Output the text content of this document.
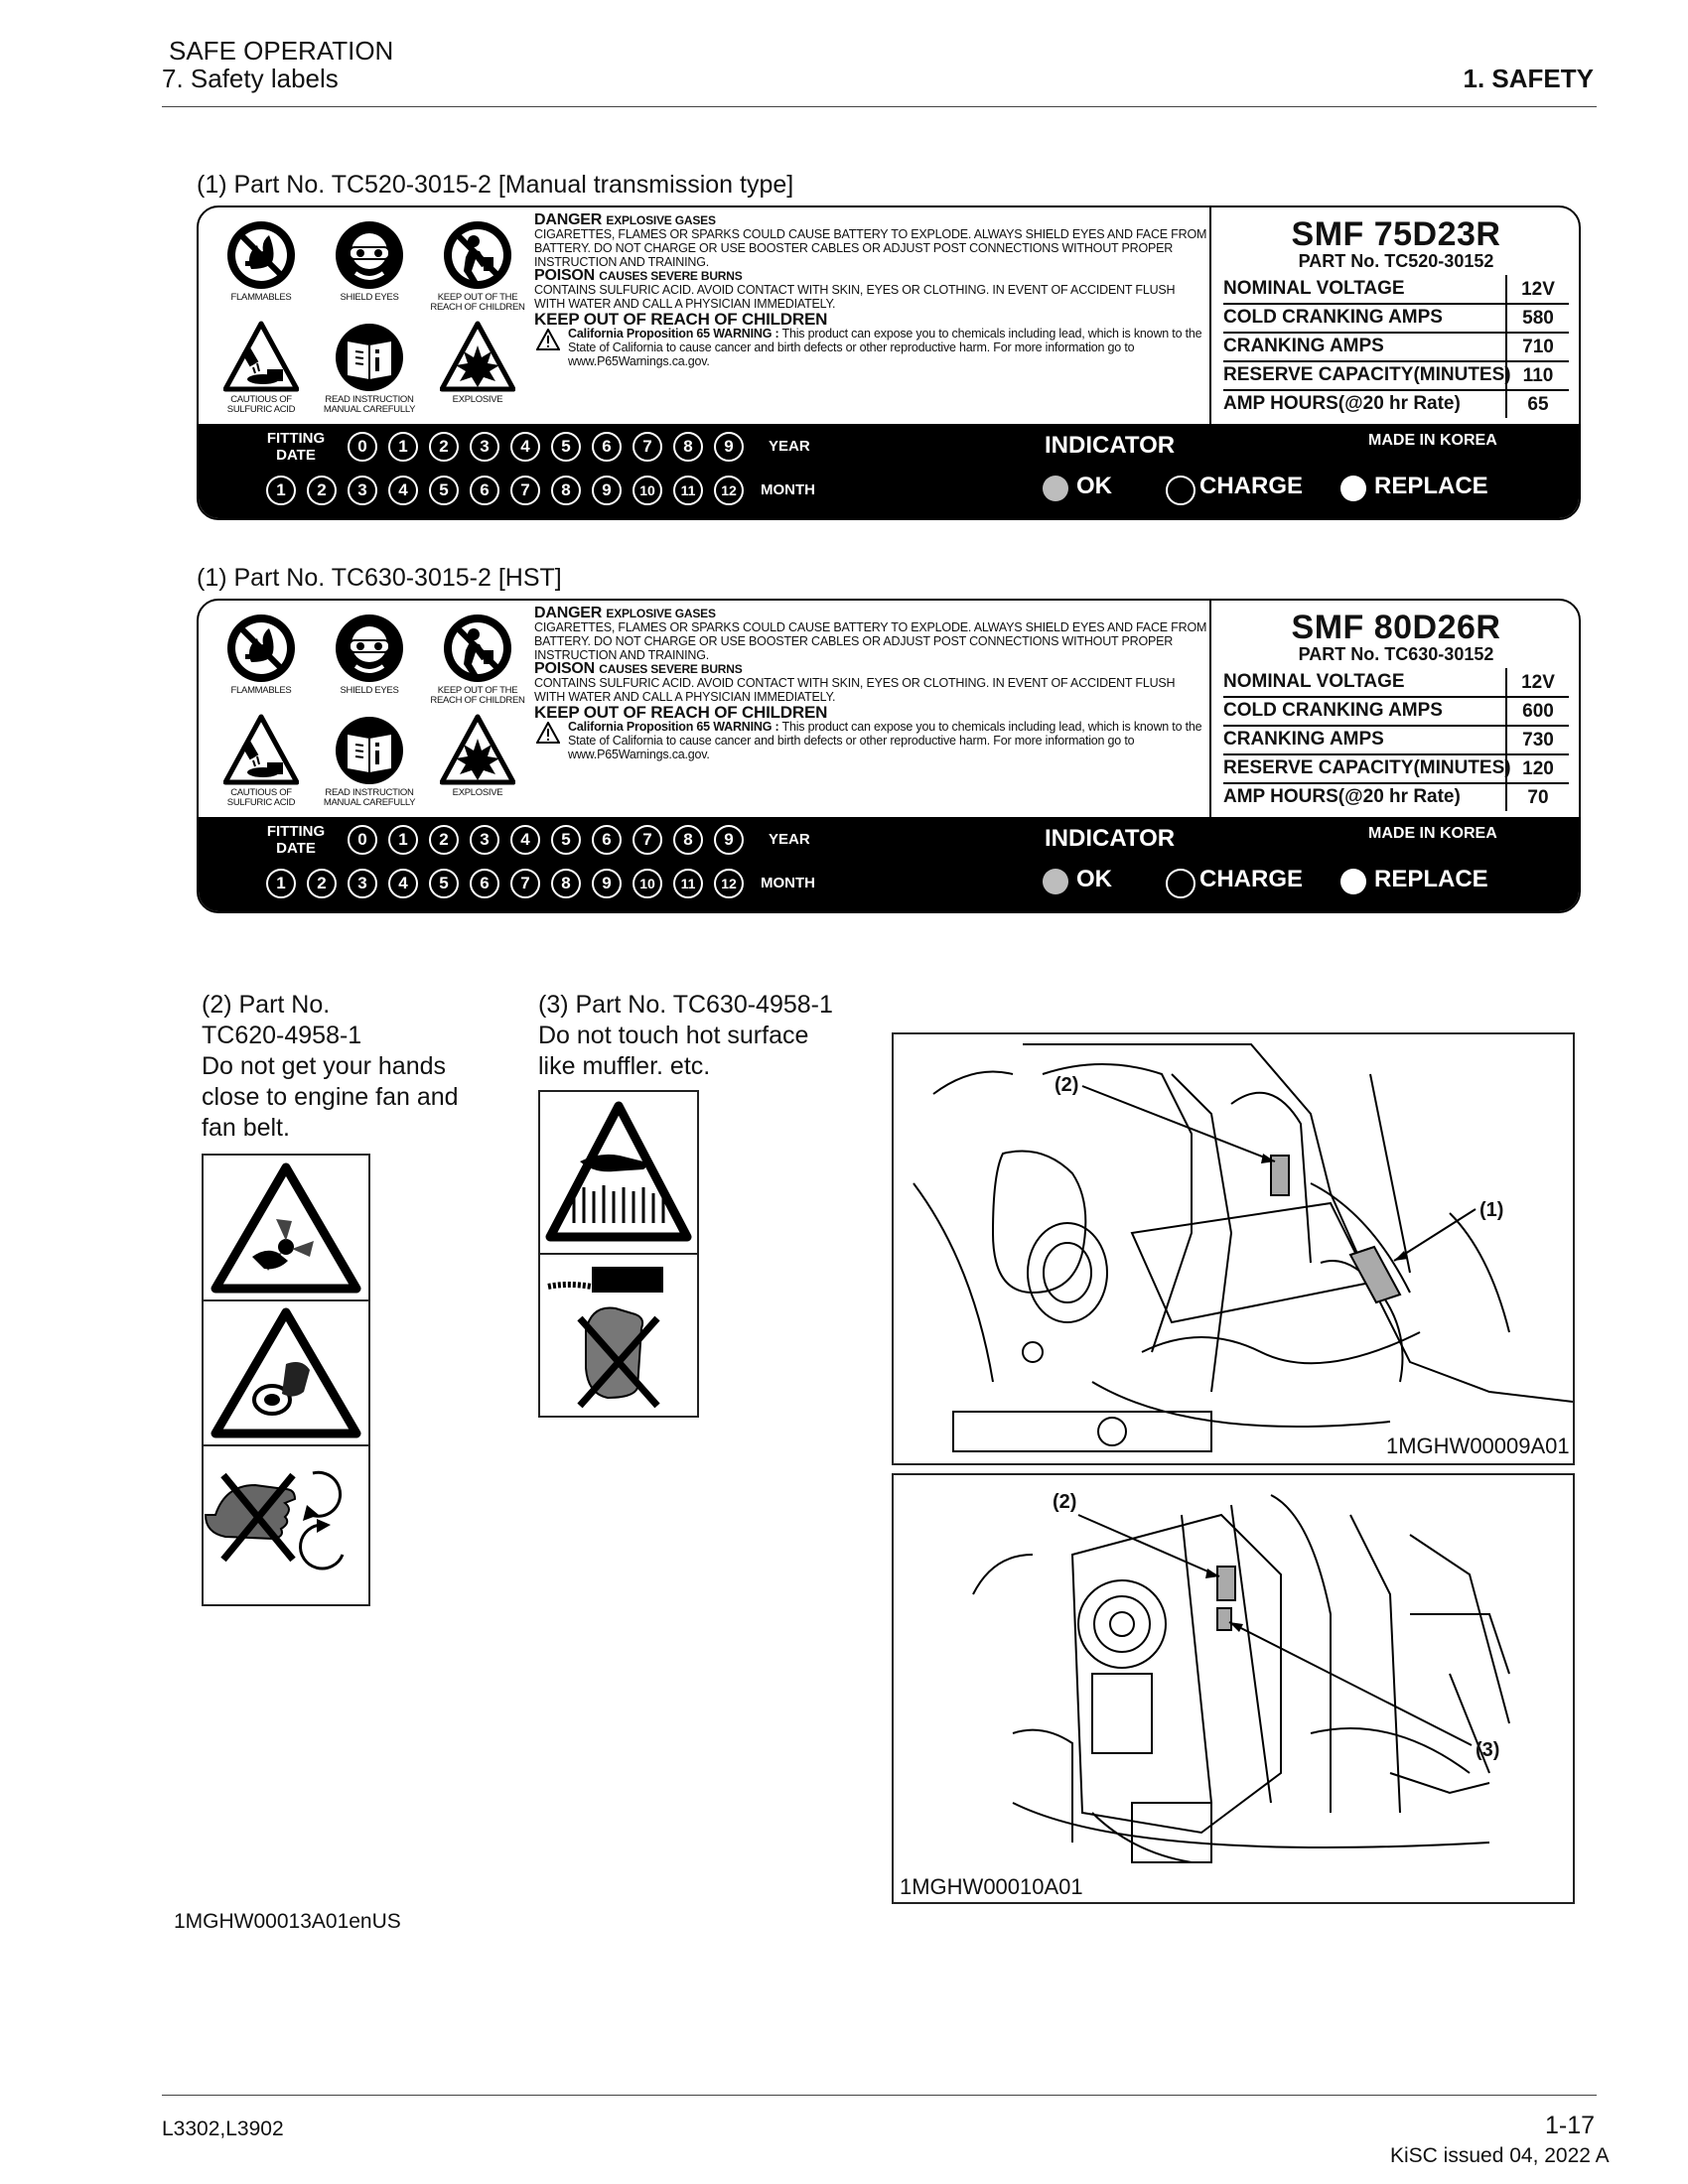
SAFE OPERATION
7. Safety labels	1. SAFETY
(1) Part No. TC520-3015-2 [Manual transmission type]
FLAMMABLES	SHIELD EYES	KEEP OUT OF THE REACH OF CHILDREN
CAUTIOUS OF SULFURIC ACID
READ INSTRUCTION MANUAL CAREFULLY
EXPLOSIVE

DANGER EXPLOSIVE GASES

CIGARETTES, FLAMES OR SPARKS COULD CAUSE BATTERY TO EXPLODE. ALWAYS SHIELD EYES AND FACE FROM BATTERY. DO NOT CHARGE OR USE BOOSTER CABLES OR ADJUST POST CONNECTIONS WITHOUT PROPER INSTRUCTION AND TRAINING.

POISON CAUSES SEVERE BURNS

CONTAINS SULFURIC ACID. AVOID CONTACT WITH SKIN, EYES OR CLOTHING. IN EVENT OF ACCIDENT FLUSH WITH WATER AND CALL A PHYSICIAN IMMEDIATELY.

KEEP OUT OF REACH OF CHILDREN

California Proposition 65 WARNING : This product can expose you to chemicals including lead, which is known to the State of California to cause cancer and birth defects or other reproductive harm. For more information go to www.P65Warnings.ca.gov.

SMF 75D23R
PART No. TC520-30152
NOMINAL VOLTAGE	12V
COLD CRANKING AMPS	580
CRANKING AMPS	710
RESERVE CAPACITY(MINUTES) 110
AMP HOURS(@20 hr Rate)	65
FITTING DATE	0	1	2	3	4	5	6	7	8	9	YEAR
1	2	3	4	5	6	7	8	9	10	11	12	MONTH
INDICATOR	MADE IN KOREA
OK	CHARGE	REPLACE
(1) Part No. TC630-3015-2 [HST]
FLAMMABLES	SHIELD EYES	KEEP OUT OF THE REACH OF CHILDREN
CAUTIOUS OF SULFURIC ACID
READ INSTRUCTION MANUAL CAREFULLY
EXPLOSIVE

DANGER EXPLOSIVE GASES

CIGARETTES, FLAMES OR SPARKS COULD CAUSE BATTERY TO EXPLODE. ALWAYS SHIELD EYES AND FACE FROM BATTERY. DO NOT CHARGE OR USE BOOSTER CABLES OR ADJUST POST CONNECTIONS WITHOUT PROPER INSTRUCTION AND TRAINING.

POISON CAUSES SEVERE BURNS

CONTAINS SULFURIC ACID. AVOID CONTACT WITH SKIN, EYES OR CLOTHING. IN EVENT OF ACCIDENT FLUSH WITH WATER AND CALL A PHYSICIAN IMMEDIATELY.

KEEP OUT OF REACH OF CHILDREN

California Proposition 65 WARNING : This product can expose you to chemicals including lead, which is known to the State of California to cause cancer and birth defects or other reproductive harm. For more information go to www.P65Warnings.ca.gov.

SMF 80D26R
PART No. TC630-30152
NOMINAL VOLTAGE	12V
COLD CRANKING AMPS	600
CRANKING AMPS	730
RESERVE CAPACITY(MINUTES) 120
AMP HOURS(@20 hr Rate)	70
FITTING DATE	0	1	2	3	4	5	6	7	8	9	YEAR
1	2	3	4	5	6	7	8	9	10	11	12	MONTH
INDICATOR	MADE IN KOREA
OK	CHARGE	REPLACE
(2) Part No.
TC620-4958-1
Do not get your hands
close to engine fan and
fan belt.
(3) Part No. TC630-4958-1
Do not touch hot surface
like muffler. etc.
(2)
(1)
1MGHW00009A01
(2)
(3)
1MGHW00010A01
1MGHW00013A01enUS
L3302,L3902	1-17
KiSC issued 04, 2022 A
